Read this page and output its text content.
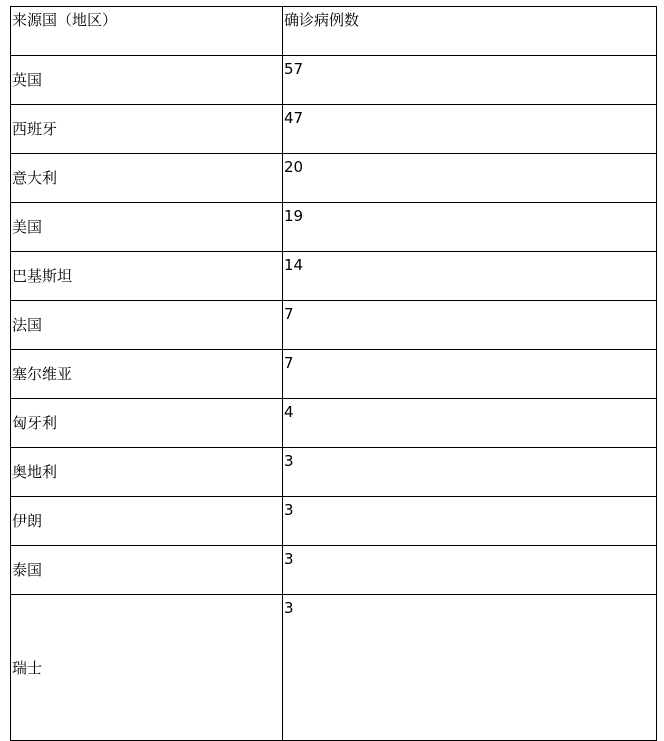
来源国（地区）	确诊病例数
英国	57
西班牙	47
意大利	20
美国	19
巴基斯坦	14
法国	7
塞尔维亚	7
匈牙利	4
奥地利	3
伊朗	3
泰国	3
瑞士	3
